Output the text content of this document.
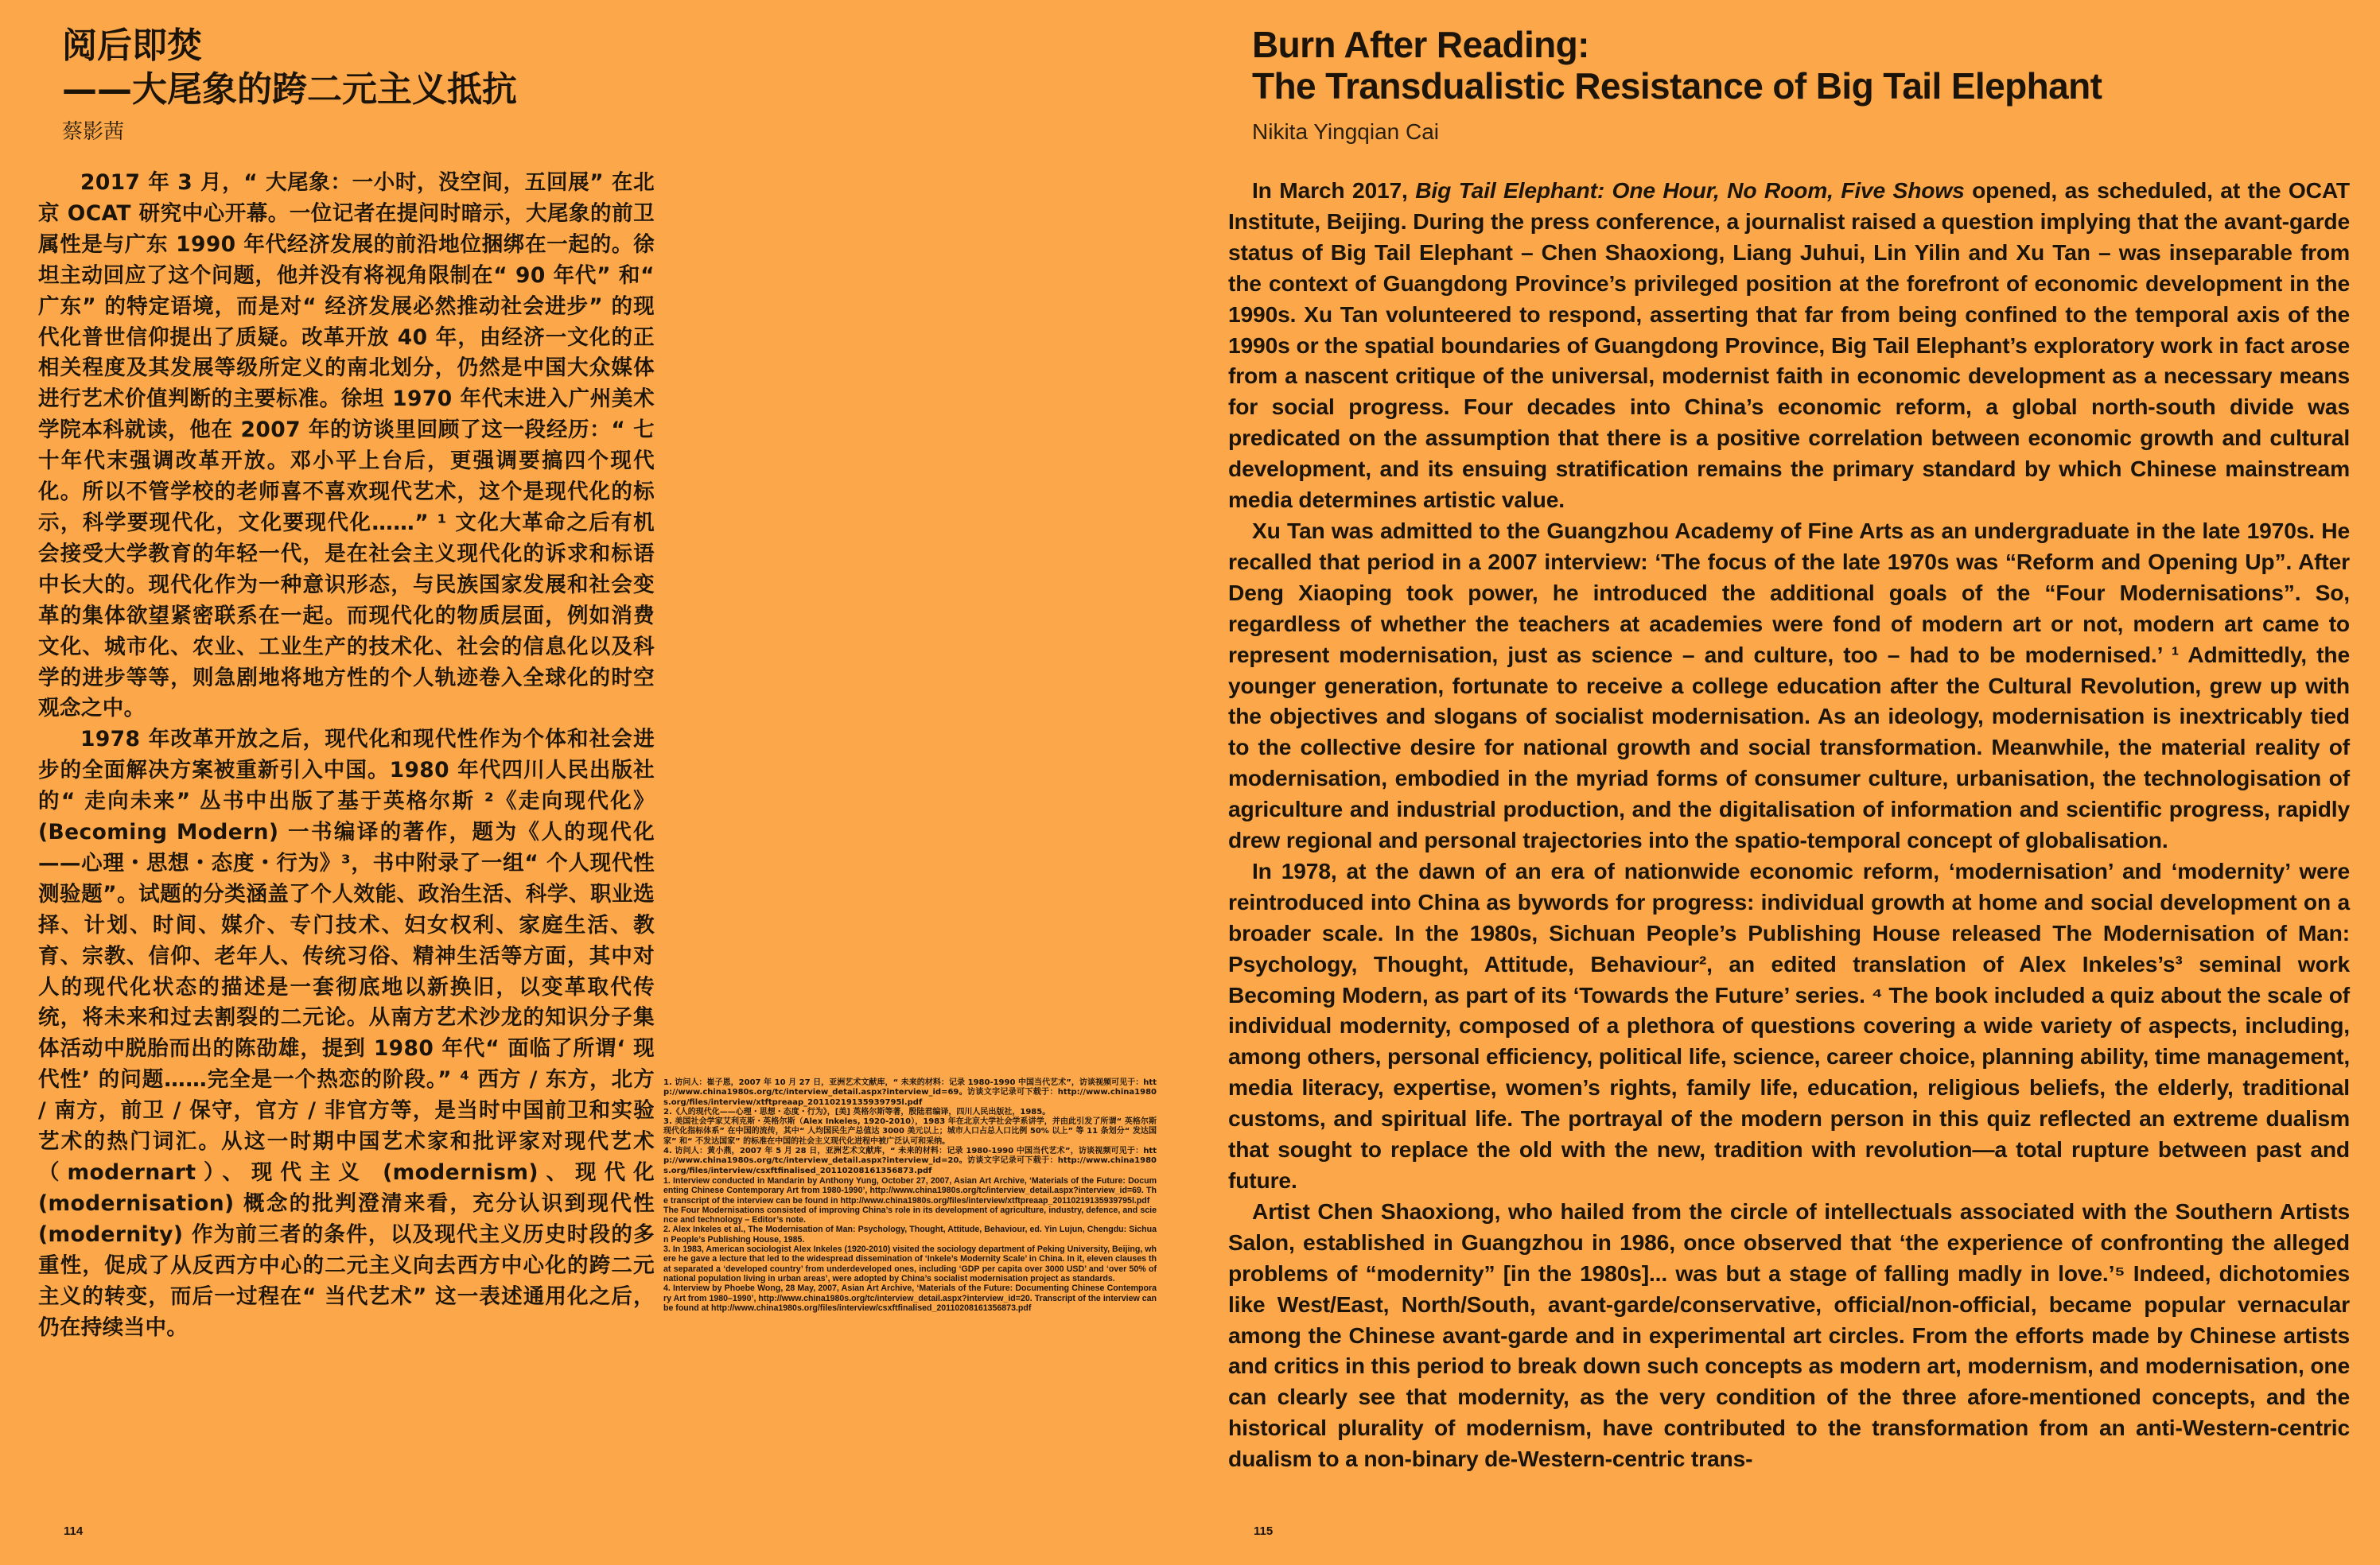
阅后即焚
——大尾象的跨二元主义抵抗
蔡影茜

2017 年 3 月，“ 大尾象：一小时，没空间，五回展” 在北京 OCAT 研究中心开幕。一位记者在提问时暗示，大尾象的前卫属性是与广东 1990 年代经济发展的前沿地位捆绑在一起的。徐坦主动回应了这个问题，他并没有将视角限制在“ 90 年代” 和“ 广东” 的特定语境，而是对“ 经济发展必然推动社会进步” 的现代化普世信仰提出了质疑。改革开放 40 年，由经济一文化的正相关程度及其发展等级所定义的南北划分，仍然是中国大众媒体进行艺术价值判断的主要标准。徐坦 1970 年代末进入广州美术学院本科就读，他在 2007 年的访谈里回顾了这一段经历：“ 七十年代末强调改革开放。邓小平上台后，更强调要搞四个现代化。所以不管学校的老师喜不喜欢现代艺术，这个是现代化的标示，科学要现代化，文化要现代化……” ¹ 文化大革命之后有机会接受大学教育的年轻一代，是在社会主义现代化的诉求和标语中长大的。现代化作为一种意识形态，与民族国家发展和社会变革的集体欲望紧密联系在一起。而现代化的物质层面，例如消费文化、城市化、农业、工业生产的技术化、社会的信息化以及科学的进步等等，则急剧地将地方性的个人轨迹卷入全球化的时空观念之中。

1978 年改革开放之后，现代化和现代性作为个体和社会进步的全面解决方案被重新引入中国。1980 年代四川人民出版社的“ 走向未来” 丛书中出版了基于英格尔斯 ²《走向现代化》(Becoming Modern) 一书编译的著作，题为《人的现代化——心理・思想・态度・行为》³，书中附录了一组“ 个人现代性测验题”。试题的分类涵盖了个人效能、政治生活、科学、职业选择、计划、时间、媒介、专门技术、妇女权利、家庭生活、教育、宗教、信仰、老年人、传统习俗、精神生活等方面，其中对人的现代化状态的描述是一套彻底地以新换旧，以变革取代传统，将未来和过去割裂的二元论。从南方艺术沙龙的知识分子集体活动中脱胎而出的陈劭雄，提到 1980 年代“ 面临了所谓‘ 现代性’ 的问题……完全是一个热恋的阶段。” ⁴ 西方 / 东方，北方 / 南方，前卫 / 保守，官方 / 非官方等，是当时中国前卫和实验艺术的热门词汇。从这一时期中国艺术家和批评家对现代艺术（modernart）、现代主义 (modernism)、现代化 (modernisation) 概念的批判澄清来看，充分认识到现代性 (modernity) 作为前三者的条件，以及现代主义历史时段的多重性，促成了从反西方中心的二元主义向去西方中心化的跨二元主义的转变，而后一过程在“ 当代艺术” 这一表述通用化之后，仍在持续当中。

1. 访问人：崔子恩，2007 年 10 月 27 日，亚洲艺术文献库，“ 未来的材料：记录 1980-1990 中国当代艺术”，访谈视频可见于：http://www.china1980s.org/tc/interview_detail.aspx?interview_id=69。访谈文字记录可下载于：http://www.china1980s.org/files/interview/xtftpreaap_20110219135939795l.pdf

2.《人的现代化——心理・思想・态度・行为》，[美] 英格尔斯等著，殷陆君编译，四川人民出版社，1985。

3. 美国社会学家艾利克斯・英格尔斯（Alex Inkeles, 1920-2010），1983 年在北京大学社会学系讲学，并由此引发了所谓“ 英格尔斯现代化指标体系” 在中国的流传，其中“ 人均国民生产总值达 3000 美元以上；城市人口占总人口比例 50% 以上” 等 11 条划分“ 发达国家” 和“ 不发达国家” 的标准在中国的社会主义现代化进程中被广泛认可和采纳。

4. 访问人：黄小燕，2007 年 5 月 28 日，亚洲艺术文献库，“ 未来的材料：记录 1980-1990 中国当代艺术”，访谈视频可见于：http://www.china1980s.org/tc/interview_detail.aspx?interview_id=20。访谈文字记录可下载于：http://www.china1980s.org/files/interview/csxftfinalised_20110208161356873.pdf

1. Interview conducted in Mandarin by Anthony Yung, October 27, 2007, Asian Art Archive, ‘Materials of the Future: Documenting Chinese Contemporary Art from 1980-1990’, http://www.china1980s.org/tc/interview_detail.aspx?interview_id=69. The transcript of the interview can be found in http://www.china1980s.org/files/interview/xtftpreaap_20110219135939795l.pdf

The Four Modernisations consisted of improving China’s role in its development of agriculture, industry, defence, and science and technology – Editor’s note.

2. Alex Inkeles et al., The Modernisation of Man: Psychology, Thought, Attitude, Behaviour, ed. Yin Lujun, Chengdu: Sichuan People’s Publishing House, 1985.

3. In 1983, American sociologist Alex Inkeles (1920-2010) visited the sociology department of Peking University, Beijing, where he gave a lecture that led to the widespread dissemination of ‘Inkele’s Modernity Scale’ in China. In it, eleven clauses that separated a ‘developed country’ from underdeveloped ones, including ‘GDP per capita over 3000 USD’ and ‘over 50% of national population living in urban areas’, were adopted by China’s socialist modernisation project as standards.

4. Interview by Phoebe Wong, 28 May, 2007, Asian Art Archive, ‘Materials of the Future: Documenting Chinese Contemporary Art from 1980–1990’, http://www.china1980s.org/tc/interview_detail.aspx?interview_id=20. Transcript of the interview can be found at http://www.china1980s.org/files/interview/csxftfinalised_20110208161356873.pdf

114
Burn After Reading:
The Transdualistic Resistance of Big Tail Elephant
Nikita Yingqian Cai

In March 2017, Big Tail Elephant: One Hour, No Room, Five Shows opened, as scheduled, at the OCAT Institute, Beijing. During the press conference, a journalist raised a question implying that the avant-garde status of Big Tail Elephant – Chen Shaoxiong, Liang Juhui, Lin Yilin and Xu Tan – was inseparable from the context of Guangdong Province’s privileged position at the forefront of economic development in the 1990s. Xu Tan volunteered to respond, asserting that far from being confined to the temporal axis of the 1990s or the spatial boundaries of Guangdong Province, Big Tail Elephant’s exploratory work in fact arose from a nascent critique of the universal, modernist faith in economic development as a necessary means for social progress. Four decades into China’s economic reform, a global north-south divide was predicated on the assumption that there is a positive correlation between economic growth and cultural development, and its ensuing stratification remains the primary standard by which Chinese mainstream media determines artistic value.

Xu Tan was admitted to the Guangzhou Academy of Fine Arts as an undergraduate in the late 1970s. He recalled that period in a 2007 interview: ‘The focus of the late 1970s was “Reform and Opening Up”. After Deng Xiaoping took power, he introduced the additional goals of the “Four Modernisations”. So, regardless of whether the teachers at academies were fond of modern art or not, modern art came to represent modernisation, just as science – and culture, too – had to be modernised.’ ¹ Admittedly, the younger generation, fortunate to receive a college education after the Cultural Revolution, grew up with the objectives and slogans of socialist modernisation. As an ideology, modernisation is inextricably tied to the collective desire for national growth and social transformation. Meanwhile, the material reality of modernisation, embodied in the myriad forms of consumer culture, urbanisation, the technologisation of agriculture and industrial production, and the digitalisation of information and scientific progress, rapidly drew regional and personal trajectories into the spatio-temporal concept of globalisation.

In 1978, at the dawn of an era of nationwide economic reform, ‘modernisation’ and ‘modernity’ were reintroduced into China as bywords for progress: individual growth at home and social development on a broader scale. In the 1980s, Sichuan People’s Publishing House released The Modernisation of Man: Psychology, Thought, Attitude, Behaviour², an edited translation of Alex Inkeles’s³ seminal work Becoming Modern, as part of its ‘Towards the Future’ series. ⁴ The book included a quiz about the scale of individual modernity, composed of a plethora of questions covering a wide variety of aspects, including, among others, personal efficiency, political life, science, career choice, planning ability, time management, media literacy, expertise, women’s rights, family life, education, religious beliefs, the elderly, traditional customs, and spiritual life. The portrayal of the modern person in this quiz reflected an extreme dualism that sought to replace the old with the new, tradition with revolution—a total rupture between past and future.

Artist Chen Shaoxiong, who hailed from the circle of intellectuals associated with the Southern Artists Salon, established in Guangzhou in 1986, once observed that ‘the experience of confronting the alleged problems of “modernity” [in the 1980s]... was but a stage of falling madly in love.’⁵ Indeed, dichotomies like West/East, North/South, avant-garde/conservative, official/non-official, became popular vernacular among the Chinese avant-garde and in experimental art circles. From the efforts made by Chinese artists and critics in this period to break down such concepts as modern art, modernism, and modernisation, one can clearly see that modernity, as the very condition of the three afore-mentioned concepts, and the historical plurality of modernism, have contributed to the transformation from an anti-Western-centric dualism to a non-binary de-Western-centric trans-

115
